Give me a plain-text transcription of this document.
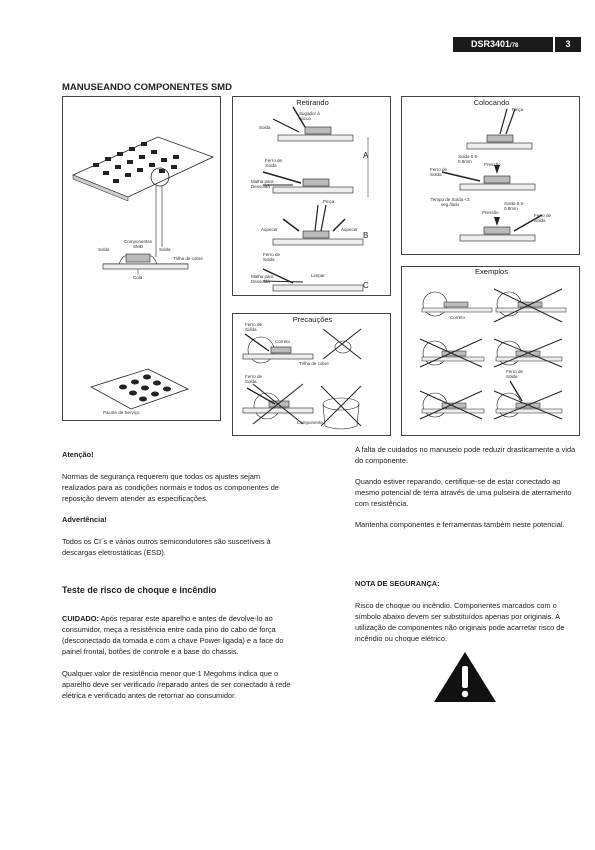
DSR3401/78	3
MANUSEANDO COMPONENTES SMD
Componentes SMD
Solda	Solda
Trilha de cobre
Cola
Pacote de Serviço
Retirando
Sugador à vácuo
Solda
Ferro de Solda
Malha para Dessolda
Pinça
Aquecer	Aquecer
Ferro de Solda
Malha para Dessolda
Limpar
A
B
C
Colocando
Pinça
Solda 0.5-0.8mm
Ferro de Solda
Pressão
Tempo de Solda <3 seg./lado
Pressão
Solda 0.5-0.8mm
Ferro de Solda
Precauções
Ferro de Solda
Correto
Trilha de cobre
Ferro de Solda
Componente
Exemplos
Correto
Ferro de Solda
Atenção!
Normas de segurança requerem que todos os ajustes sejam realizados para as condições normais e todos os componentes de reposição devem atender as especificações.
Advertência!
Todos os CI´s e vários outros semicondutores são suscetíveis à descargas eletrostáticas (ESD).
Teste de risco de choque e incêndio
CUIDADO: Após reparar este aparelho e antes de devolve-lo ao consumidor, meça a resistência entre cada pino do cabo de força (desconectado da tomada e com a chave Power ligada) e a face do painel frontal, botões de controle e a base do chassis.
Qualquer valor de resistência menor que 1 Megohms indica que o aparelho deve ser verificado /reparado antes de ser conectado à rede elétrica e verificado antes de retornar ao consumidor.
A falta de cuidados no manuseio pode reduzir drasticamente a vida do componente.
Quando estiver reparando, certifique-se de estar conectado ao mesmo potencial de terra através de uma pulseira de aterramento com resistência.
Mantenha componentes e ferramentas também neste potencial.
NOTA DE SEGURANÇA:
Risco de choque ou incêndio. Componentes marcados com o símbolo abaixo devem ser substituídos apenas por originais. A utilização de componentes não originais pode acarretar risco de incêndio ou choque elétrico.
